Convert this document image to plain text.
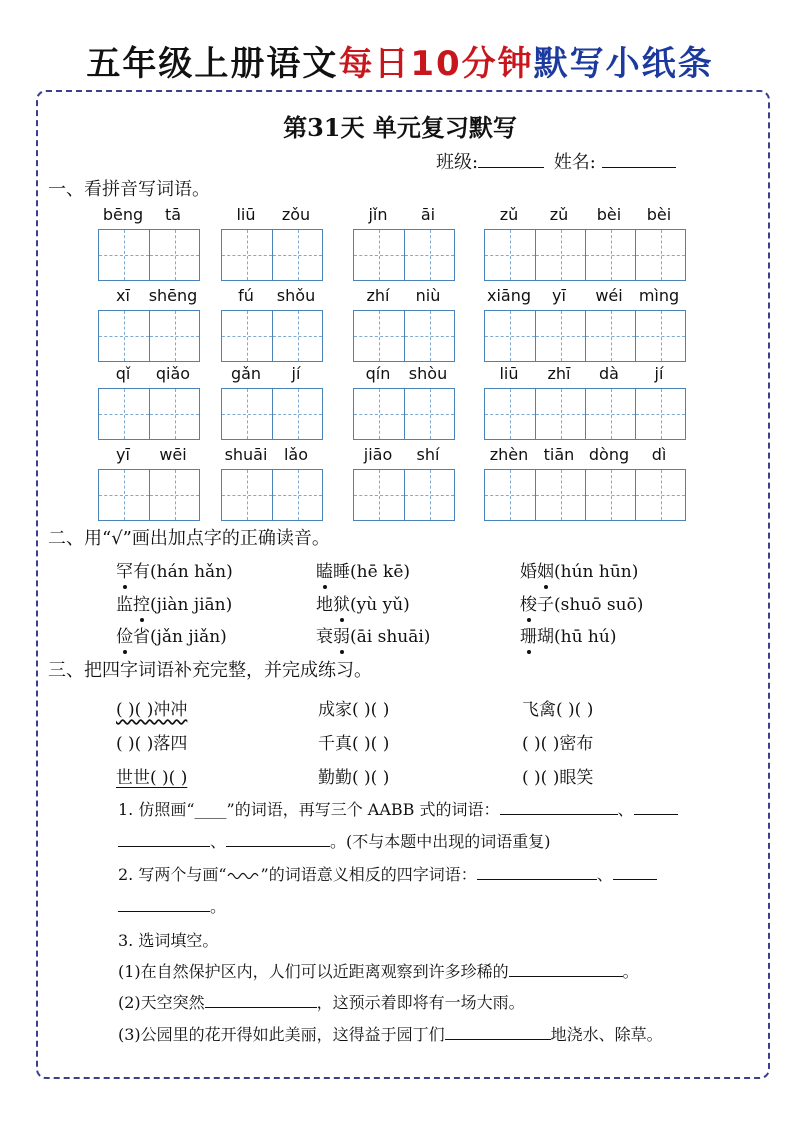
五年级上册语文每日10分钟默写小纸条
第31天 单元复习默写
班级:	姓名:
一、看拼音写词语。
bēng	tā	liū	zǒu	jǐn	āi	zǔ	zǔ	bèi	bèi
xī	shēng	fú	shǒu	zhí	niù	xiāng	yī	wéi	mìng
qǐ	qiǎo	gǎn	jí	qín	shòu	liū	zhī	dà	jí
yī	wēi	shuāi	lǎo	jiāo	shí	zhèn tiān dòng	dì
二、用“√”画出加点字的正确读音。
罕有(hán hǎn)	瞌睡(hē kē)	婚姻(hún hūn)
监控(jiàn jiān)	地狱(yù yǔ)	梭子(shuō suō)
俭省(jǎn jiǎn)	衰弱(āi shuāi)	珊瑚(hū hú)
三、把四字词语补充完整，并完成练习。
( )( )冲冲	成家( )( )	飞禽( )( )
( )( )落四	千真( )( )	( )( )密布
世世( )( )	勤勤( )( )	( )( )眼笑
1. 仿照画“____”的词语，再写三个 AABB 式的词语：	、
、	。(不与本题中出现的词语重复)
2. 写两个与画“ ”的词语意义相反的四字词语：	、
。
3. 选词填空。
(1)在自然保护区内，人们可以近距离观察到许多珍稀的	。
(2)天空突然	，这预示着即将有一场大雨。
(3)公园里的花开得如此美丽，这得益于园丁们	地浇水、除草。
